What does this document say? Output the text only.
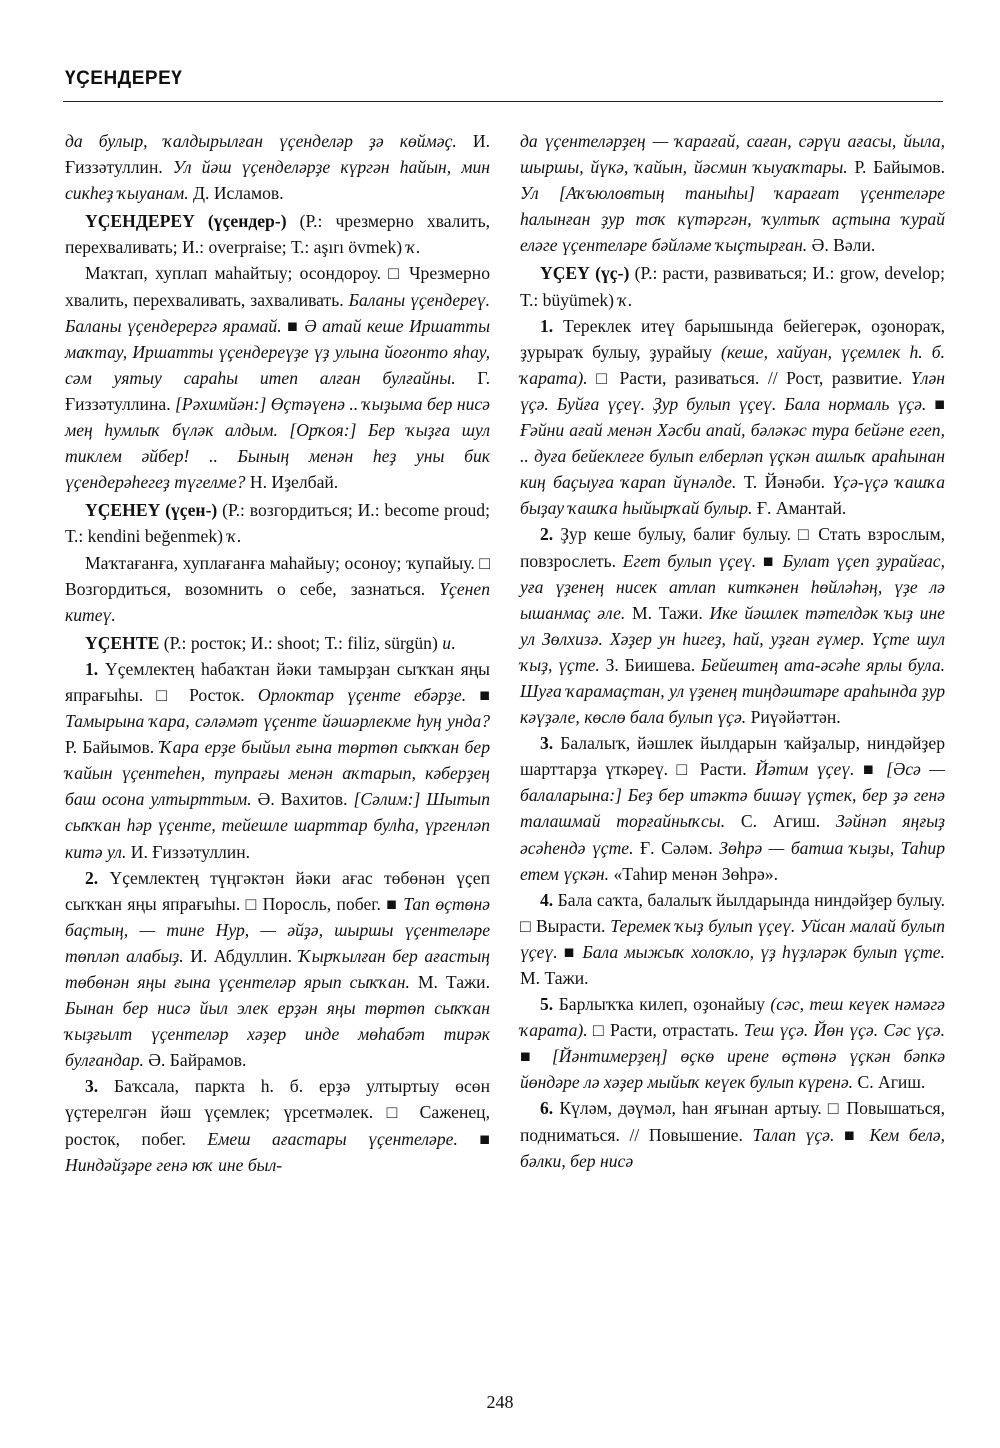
ҮҪЕНДЕРЕҮ

да булыр, ҡалдырылған үҫенделәр ҙә көймәҫ. И. Ғиззәтуллин. Ул йәш үҫенделәрҙе күргән һайын, мин сикһеҙ ҡыуанам. Д. Исламов.

ҮҪЕНДЕРЕҮ (үҫендер-) (Р.: чрезмерно хвалить, перехваливать; И.: overpraise; Т.: aşırı övmek) ҡ.

Маҡтап, хуплап маһайтыу; осондороу. □ Чрезмерно хвалить, перехваливать, захваливать. Баланы үҫендереү. Баланы үҫендерергә ярамай. ■ Ә атай кеше Иршатты маҡтау, Иршатты үҫендереүҙе үҙ улына йоғонто яһау, сәм уятыу сараһы итеп алған булғайны. Г. Ғиззәтуллина. [Рәхимйән:] Өҫтәүенә .. ҡыҙыма бер нисә мең һумлыҡ бүләк алдым. [Орҡоя:] Бер ҡыҙға шул тиклем әйбер! .. Бының менән һеҙ уны бик үҫендерәһегеҙ түгелме? Н. Иҙелбай.

ҮҪЕНЕҮ (үҫен-) (Р.: возгордиться; И.: become proud; Т.: kendini beğenmek) ҡ.

Маҡтағанға, хуплағанға маһайыу; осоноу; ҡупайыу. □ Возгордиться, возомнить о себе, зазнаться. Үҫенеп китеү.

ҮҪЕНТЕ (Р.: росток; И.: shoot; Т.: filiz, sürgün) и.

1. Үҫемлектең һабаҡтан йәки тамырҙан сыҡҡан яңы япрағыһы. □ Росток. Орлоктар үҫенте ебәрҙе. ■ Тамырына ҡара, сәләмәт үҫенте йәшәрлекме һуң унда? Р. Байымов. Ҡара ерҙе быйыл ғына төртөп сыҡҡан бер ҡайын үҫентеһен, тупрағы менән аҡтарып, кәберҙең баш осона ултырттым. Ә. Вахитов. [Сәлим:] Шытып сыҡҡан һәр үҫенте, тейешле шарттар булһа, үргенләп китә ул. И. Ғиззәтуллин.

2. Үҫемлектең түңгәктән йәки ағас төбөнән үҫеп сыҡҡан яңы япрағыһы. □ Поросль, побег. ■ Тап өҫтөнә баҫтың, — тине Нур, — әйҙә, шыршы үҫентеләре төпләп алабыҙ. И. Абдуллин. Ҡырҡылған бер ағастың төбөнән яңы ғына үҫентеләр ярып сыҡҡан. М. Тажи. Бынан бер нисә йыл элек ерҙән яңы төртөп сыҡҡан ҡыҙғылт үҫентеләр хәҙер инде мөһабәт тирәк булғандар. Ә. Байрамов.

3. Баҡсала, паркта һ. б. ерҙә ултыртыу өсөн үҫтерелгән йәш үҫемлек; үрсетмәлек. □ Саженец, росток, побег. Емеш ағастары үҫентеләре. ■ Ниндәйҙәре генә юҡ ине был-

да үҫентеләрҙең — ҡарағай, саған, сәрүи ағасы, йыла, шыршы, йүкә, ҡайын, йәсмин ҡыуаҡтары. Р. Байымов. Ул [Аҡъюловтың таныһы] ҡарағат үҫентеләре һалынған ҙур тоҡ күтәргән, ҡултыҡ аҫтына ҡурай еләге үҫентеләре бәйләме ҡыҫтырған. Ә. Вәли.

ҮҪЕҮ (үҫ-) (Р.: расти, развиваться; И.: grow, develop; Т.: büyümek) ҡ.

1. Тереклек итеү барышында бейегерәк, оҙонораҡ, ҙурыраҡ булыу, ҙурайыу (кеше, хайуан, үҫемлек һ. б. ҡарата). □ Расти, разиваться. // Рост, развитие. Үлән үҫә. Буйға үҫеү. Ҙур булып үҫеү. Бала нормаль үҫә. ■ Ғәйни ағай менән Хәсби апай, бәләкәс тура бейәне егеп, .. дуға бейеклеге булып елберләп үҫкән ашлыҡ араһынан киң баҫыуға ҡарап йүнәлде. Т. Йәнәби. Үҫә-үҫә ҡашҡа быҙау ҡашҡа һыйырҡай булыр. Ғ. Амантай.

2. Ҙур кеше булыу, балиғ булыу. □ Стать взрослым, повзрослеть. Егет булып үҫеү. ■ Булат үҫеп ҙурайғас, уға үҙенең нисек атлап киткәнен һөйләһәң, үҙе лә ышанмаҫ әле. М. Тажи. Ике йәшлек тәтелдәк ҡыҙ ине ул Зөлхизә. Хәҙер ун һигеҙ, һай, уҙған ғүмер. Үҫте шул ҡыҙ, үҫте. З. Биишева. Бейештең ата-әсәһе ярлы була. Шуға ҡарамаҫтан, ул үҙенең тиңдәштәре араһында ҙур кәүҙәле, көслө бала булып үҫә. Риүәйәттән.

3. Балалыҡ, йәшлек йылдарын ҡайҙалыр, ниндәйҙер шарттарҙа үткәреү. □ Расти. Йәтим үҫеү. ■ [Әсә — балаларына:] Беҙ бер итәктә бишәү үҫтек, бер ҙә генә талашмай торғайныҡсы. С. Агиш. Зәйнәп яңғыҙ әсәһендә үҫте. Ғ. Сәләм. Зөһрә — батша ҡыҙы, Таһир етем үҫкән. «Таһир менән Зөһрә».

4. Бала саҡта, балалыҡ йылдарында ниндәйҙер булыу. □ Вырасти. Теремек ҡыҙ булып үҫеү. Уйсан малай булып үҫеү. ■ Бала мыжыҡ холоҡло, үҙ һүҙләрәк булып үҫте. М. Тажи.

5. Барлыҡҡа килеп, оҙонайыу (сәс, теш кеүек нәмәгә ҡарата). □ Расти, отрастать. Теш үҫә. Йөн үҫә. Сәс үҫә. ■ [Йәнтимерҙең] өҫкө ирене өҫтөнә үҫкән бәпкә йөндәре лә хәҙер мыйыҡ кеүек булып күренә. С. Агиш.

6. Күләм, дәүмәл, һан яғынан артыу. □ Повышаться, подниматься. // Повышение. Талап үҫә. ■ Кем белә, бәлки, бер нисә

248
